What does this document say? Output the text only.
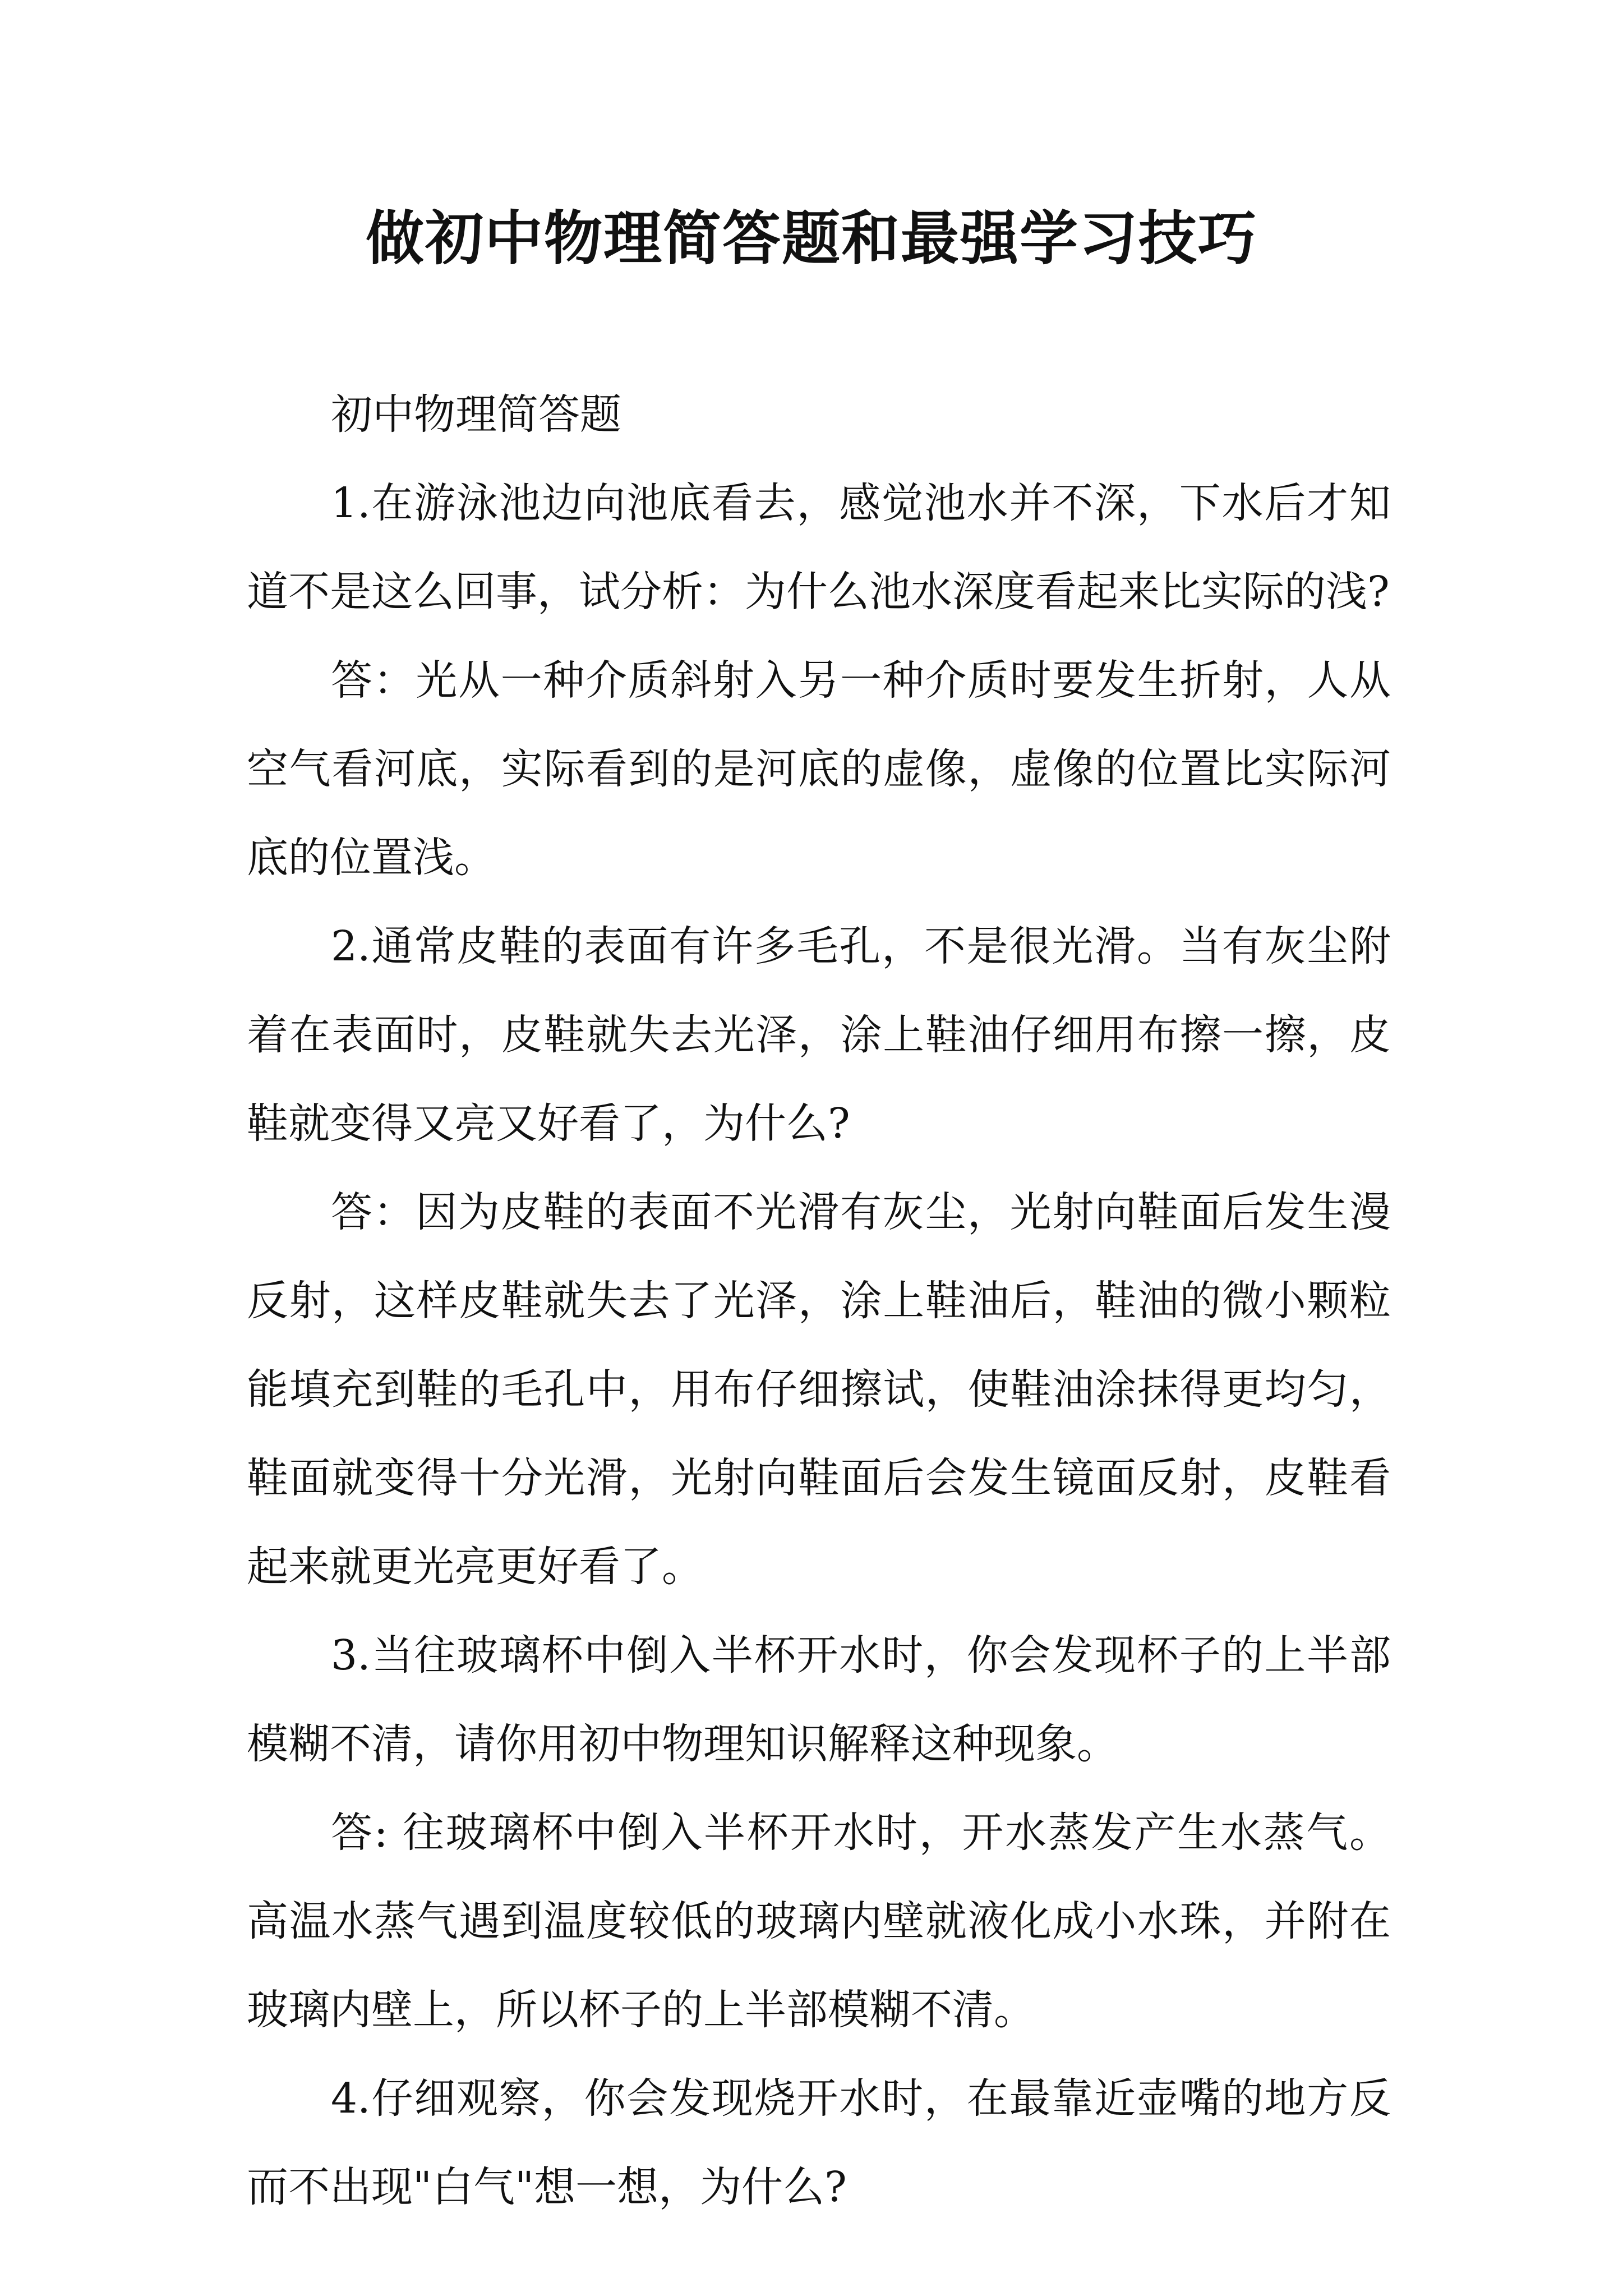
做初中物理简答题和最强学习技巧

初中物理简答题

1.在游泳池边向池底看去，感觉池水并不深，下水后才知道不是这么回事，试分析：为什么池水深度看起来比实际的浅?

答：光从一种介质斜射入另一种介质时要发生折射，人从空气看河底，实际看到的是河底的虚像，虚像的位置比实际河底的位置浅。

2.通常皮鞋的表面有许多毛孔，不是很光滑。当有灰尘附着在表面时，皮鞋就失去光泽，涂上鞋油仔细用布擦一擦，皮鞋就变得又亮又好看了，为什么?

答：因为皮鞋的表面不光滑有灰尘，光射向鞋面后发生漫反射，这样皮鞋就失去了光泽，涂上鞋油后，鞋油的微小颗粒能填充到鞋的毛孔中，用布仔细擦试，使鞋油涂抹得更均匀，鞋面就变得十分光滑，光射向鞋面后会发生镜面反射，皮鞋看起来就更光亮更好看了。

3.当往玻璃杯中倒入半杯开水时，你会发现杯子的上半部模糊不清，请你用初中物理知识解释这种现象。

答: 往玻璃杯中倒入半杯开水时，开水蒸发产生水蒸气。高温水蒸气遇到温度较低的玻璃内壁就液化成小水珠，并附在玻璃内壁上，所以杯子的上半部模糊不清。

4.仔细观察，你会发现烧开水时，在最靠近壶嘴的地方反而不出现"白气"想一想，为什么?
